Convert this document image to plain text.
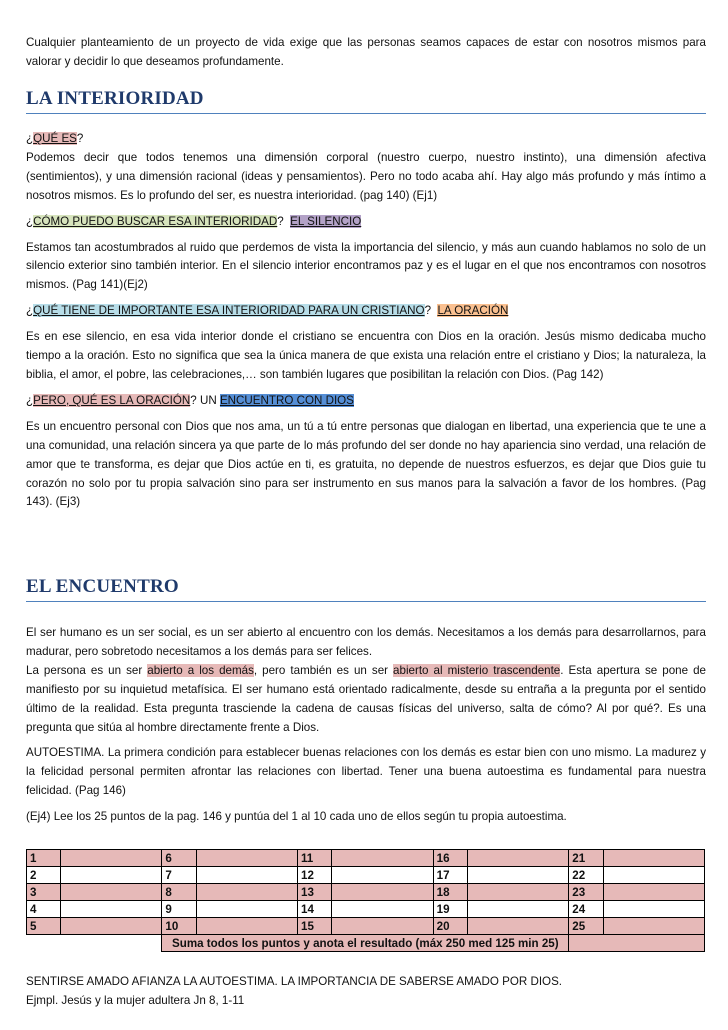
Cualquier planteamiento de un proyecto de vida exige que las personas seamos capaces de estar con nosotros mismos para valorar y decidir lo que deseamos profundamente.

LA INTERIORIDAD

¿QUÉ ES?

Podemos decir que todos tenemos una dimensión corporal (nuestro cuerpo, nuestro instinto), una dimensión afectiva (sentimientos), y una dimensión racional (ideas y pensamientos). Pero no todo acaba ahí. Hay algo más profundo y más íntimo a nosotros mismos. Es lo profundo del ser, es nuestra interioridad. (pag 140) (Ej1)

¿CÓMO PUEDO BUSCAR ESA INTERIORIDAD? EL SILENCIO

Estamos tan acostumbrados al ruido que perdemos de vista la importancia del silencio, y más aun cuando hablamos no solo de un silencio exterior sino también interior. En el silencio interior encontramos paz y es el lugar en el que nos encontramos con nosotros mismos. (Pag 141)(Ej2)

¿QUÉ TIENE DE IMPORTANTE ESA INTERIORIDAD PARA UN CRISTIANO? LA ORACIÓN

Es en ese silencio, en esa vida interior donde el cristiano se encuentra con Dios en la oración. Jesús mismo dedicaba mucho tiempo a la oración. Esto no significa que sea la única manera de que exista una relación entre el cristiano y Dios; la naturaleza, la biblia, el amor, el pobre, las celebraciones,… son también lugares que posibilitan la relación con Dios. (Pag 142)

¿PERO, QUÉ ES LA ORACIÓN? UN ENCUENTRO CON DIOS

Es un encuentro personal con Dios que nos ama, un tú a tú entre personas que dialogan en libertad, una experiencia que te une a una comunidad, una relación sincera ya que parte de lo más profundo del ser donde no hay apariencia sino verdad, una relación de amor que te transforma, es dejar que Dios actúe en ti, es gratuita, no depende de nuestros esfuerzos, es dejar que Dios guie tu corazón no solo por tu propia salvación sino para ser instrumento en sus manos para la salvación a favor de los hombres. (Pag 143). (Ej3)

EL ENCUENTRO

El ser humano es un ser social, es un ser abierto al encuentro con los demás. Necesitamos a los demás para desarrollarnos, para madurar, pero sobretodo necesitamos a los demás para ser felices.

La persona es un ser abierto a los demás, pero también es un ser abierto al misterio trascendente. Esta apertura se pone de manifiesto por su inquietud metafísica. El ser humano está orientado radicalmente, desde su entraña a la pregunta por el sentido último de la realidad. Esta pregunta trasciende la cadena de causas físicas del universo, salta de cómo? Al por qué?. Es una pregunta que sitúa al hombre directamente frente a Dios.

AUTOESTIMA. La primera condición para establecer buenas relaciones con los demás es estar bien con uno mismo. La madurez y la felicidad personal permiten afrontar las relaciones con libertad. Tener una buena autoestima es fundamental para nuestra felicidad. (Pag 146)

(Ej4) Lee los 25 puntos de la pag. 146 y puntúa del 1 al 10 cada uno de ellos según tu propia autoestima.

1		6		11		16		21	
2		7		12		17		22	
3		8		13		18		23	
4		9		14		19		24	
5		10		15		20		25	
		Suma todos los puntos y anota el resultado (máx 250 med 125 min 25)							

SENTIRSE AMADO AFIANZA LA AUTOESTIMA. LA IMPORTANCIA DE SABERSE AMADO POR DIOS.

Ejmpl. Jesús y la mujer adultera Jn 8, 1-11
